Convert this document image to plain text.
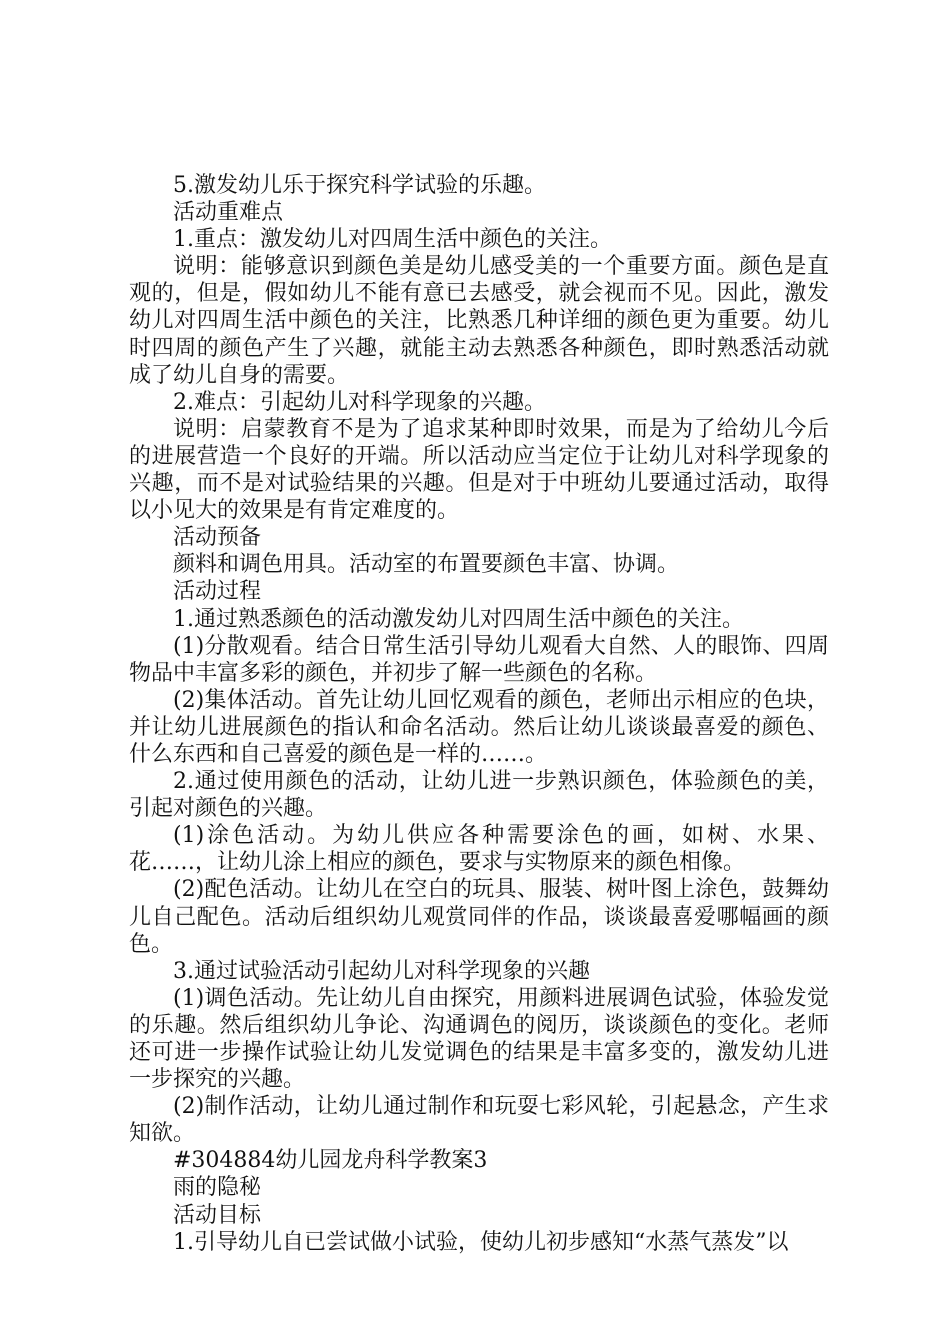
5.激发幼儿乐于探究科学试验的乐趣。

活动重难点

1.重点：激发幼儿对四周生活中颜色的关注。

说明：能够意识到颜色美是幼儿感受美的一个重要方面。颜色是直观的，但是，假如幼儿不能有意已去感受，就会视而不见。因此，激发幼儿对四周生活中颜色的关注，比熟悉几种详细的颜色更为重要。幼儿时四周的颜色产生了兴趣，就能主动去熟悉各种颜色，即时熟悉活动就成了幼儿自身的需要。

2.难点：引起幼儿对科学现象的兴趣。

说明：启蒙教育不是为了追求某种即时效果，而是为了给幼儿今后的进展营造一个良好的开端。所以活动应当定位于让幼儿对科学现象的兴趣，而不是对试验结果的兴趣。但是对于中班幼儿要通过活动，取得以小见大的效果是有肯定难度的。

活动预备

颜料和调色用具。活动室的布置要颜色丰富、协调。

活动过程

1.通过熟悉颜色的活动激发幼儿对四周生活中颜色的关注。

(1)分散观看。结合日常生活引导幼儿观看大自然、人的眼饰、四周物品中丰富多彩的颜色，并初步了解一些颜色的名称。

(2)集体活动。首先让幼儿回忆观看的颜色，老师出示相应的色块，并让幼儿进展颜色的指认和命名活动。然后让幼儿谈谈最喜爱的颜色、什么东西和自己喜爱的颜色是一样的……。

2.通过使用颜色的活动，让幼儿进一步熟识颜色，体验颜色的美，引起对颜色的兴趣。

(1)涂色活动。为幼儿供应各种需要涂色的画，如树、水果、花……，让幼儿涂上相应的颜色，要求与实物原来的颜色相像。

(2)配色活动。让幼儿在空白的玩具、服装、树叶图上涂色，鼓舞幼儿自己配色。活动后组织幼儿观赏同伴的作品，谈谈最喜爱哪幅画的颜色。

3.通过试验活动引起幼儿对科学现象的兴趣

(1)调色活动。先让幼儿自由探究，用颜料进展调色试验，体验发觉的乐趣。然后组织幼儿争论、沟通调色的阅历，谈谈颜色的变化。老师还可进一步操作试验让幼儿发觉调色的结果是丰富多变的，激发幼儿进一步探究的兴趣。

(2)制作活动，让幼儿通过制作和玩耍七彩风轮，引起悬念，产生求知欲。

#304884幼儿园龙舟科学教案3

雨的隐秘

活动目标

1.引导幼儿自已尝试做小试验，使幼儿初步感知“水蒸气蒸发”以
